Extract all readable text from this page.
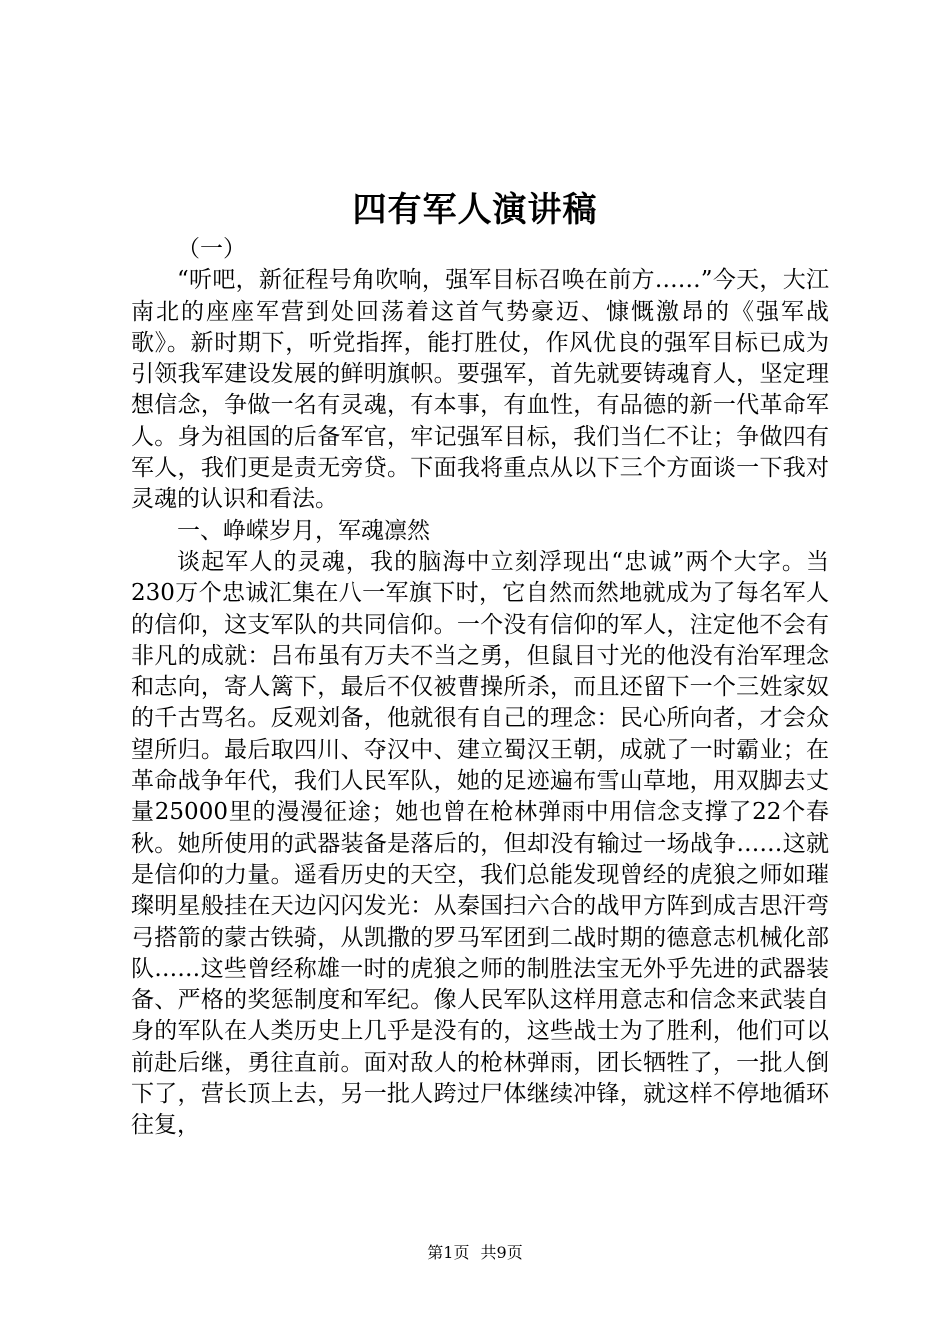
四有军人演讲稿

（一）

“听吧，新征程号角吹响，强军目标召唤在前方……”今天，大江南北的座座军营到处回荡着这首气势豪迈、慷慨激昂的《强军战歌》。新时期下，听党指挥，能打胜仗，作风优良的强军目标已成为引领我军建设发展的鲜明旗帜。要强军，首先就要铸魂育人，坚定理想信念，争做一名有灵魂，有本事，有血性，有品德的新一代革命军人。身为祖国的后备军官，牢记强军目标，我们当仁不让；争做四有军人，我们更是责无旁贷。下面我将重点从以下三个方面谈一下我对灵魂的认识和看法。

一、峥嵘岁月，军魂凛然

谈起军人的灵魂，我的脑海中立刻浮现出“忠诚”两个大字。当230万个忠诚汇集在八一军旗下时，它自然而然地就成为了每名军人的信仰，这支军队的共同信仰。一个没有信仰的军人，注定他不会有非凡的成就：吕布虽有万夫不当之勇，但鼠目寸光的他没有治军理念和志向，寄人篱下，最后不仅被曹操所杀，而且还留下一个三姓家奴的千古骂名。反观刘备，他就很有自己的理念：民心所向者，才会众望所归。最后取四川、夺汉中、建立蜀汉王朝，成就了一时霸业；在革命战争年代，我们人民军队，她的足迹遍布雪山草地，用双脚去丈量25000里的漫漫征途；她也曾在枪林弹雨中用信念支撑了22个春秋。她所使用的武器装备是落后的，但却没有输过一场战争……这就是信仰的力量。遥看历史的天空，我们总能发现曾经的虎狼之师如璀璨明星般挂在天边闪闪发光：从秦国扫六合的战甲方阵到成吉思汗弯弓搭箭的蒙古铁骑，从凯撒的罗马军团到二战时期的德意志机械化部队……这些曾经称雄一时的虎狼之师的制胜法宝无外乎先进的武器装备、严格的奖惩制度和军纪。像人民军队这样用意志和信念来武装自身的军队在人类历史上几乎是没有的，这些战士为了胜利，他们可以前赴后继，勇往直前。面对敌人的枪林弹雨，团长牺牲了，一批人倒下了，营长顶上去，另一批人跨过尸体继续冲锋，就这样不停地循环往复，

第1页 共9页
